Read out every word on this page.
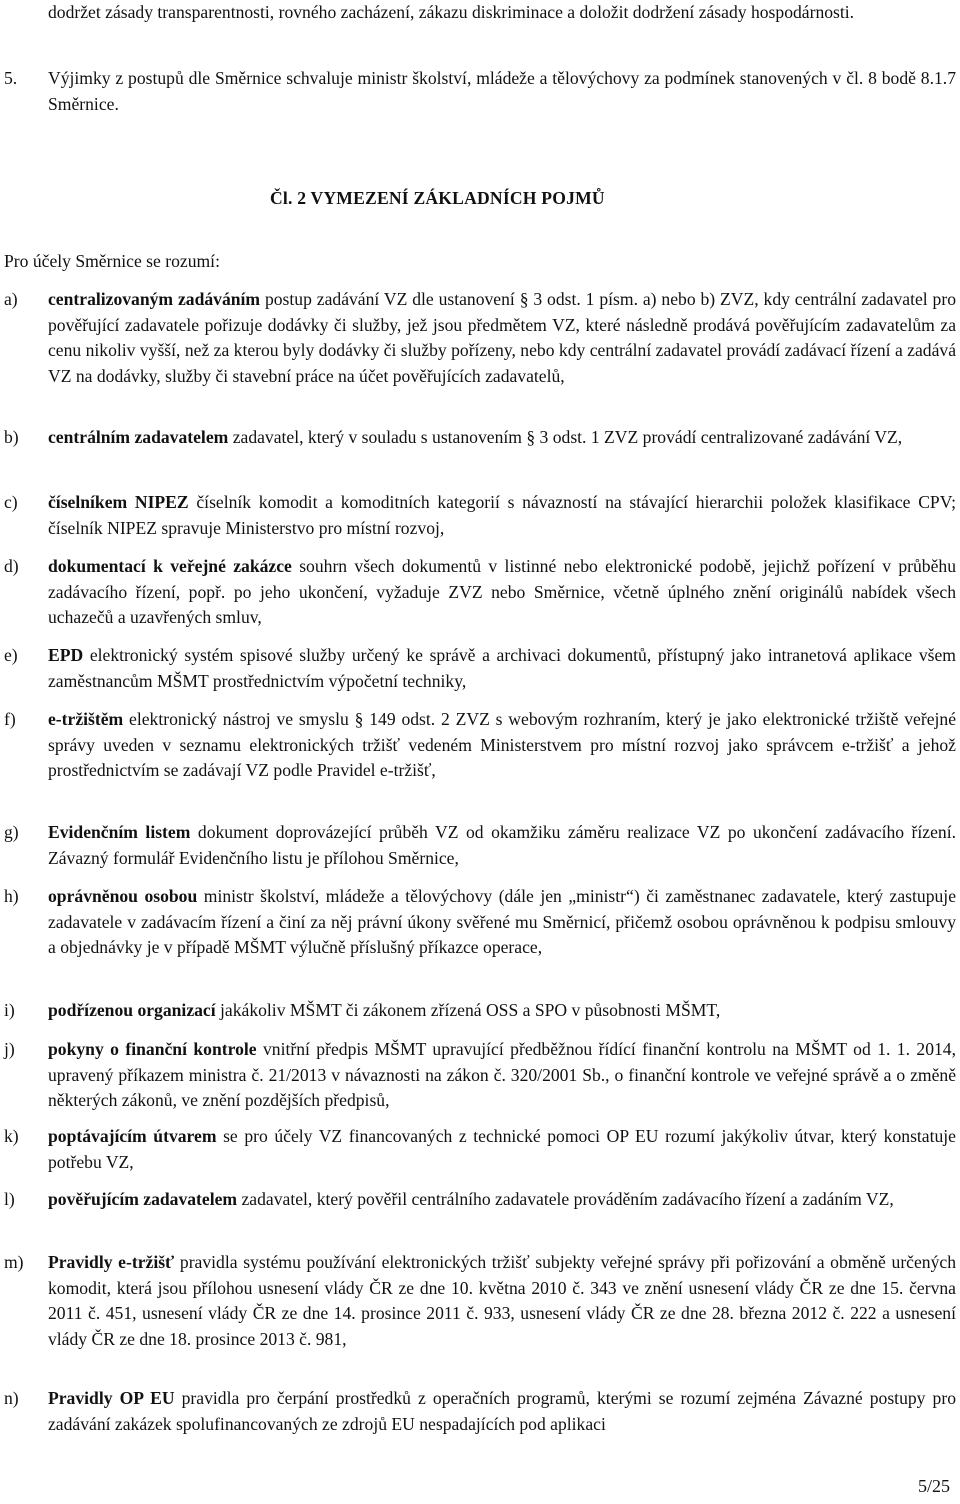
dodržet zásady transparentnosti, rovného zacházení, zákazu diskriminace a doložit dodržení zásady hospodárnosti.
5. Výjimky z postupů dle Směrnice schvaluje ministr školství, mládeže a tělovýchovy za podmínek stanovených v čl. 8 bodě 8.1.7 Směrnice.
Čl. 2 VYMEZENÍ ZÁKLADNÍCH POJMŮ
Pro účely Směrnice se rozumí:
a) centralizovaným zadáváním postup zadávání VZ dle ustanovení § 3 odst. 1 písm. a) nebo b) ZVZ, kdy centrální zadavatel pro pověřující zadavatele pořizuje dodávky či služby, jež jsou předmětem VZ, které následně prodává pověřujícím zadavatelům za cenu nikoliv vyšší, než za kterou byly dodávky či služby pořízeny, nebo kdy centrální zadavatel provádí zadávací řízení a zadává VZ na dodávky, služby či stavební práce na účet pověřujících zadavatelů,
b) centrálním zadavatelem zadavatel, který v souladu s ustanovením § 3 odst. 1 ZVZ provádí centralizované zadávání VZ,
c) číselníkem NIPEZ číselník komodit a komoditních kategorií s návazností na stávající hierarchii položek klasifikace CPV; číselník NIPEZ spravuje Ministerstvo pro místní rozvoj,
d) dokumentací k veřejné zakázce souhrn všech dokumentů v listinné nebo elektronické podobě, jejichž pořízení v průběhu zadávacího řízení, popř. po jeho ukončení, vyžaduje ZVZ nebo Směrnice, včetně úplného znění originálů nabídek všech uchazečů a uzavřených smluv,
e) EPD elektronický systém spisové služby určený ke správě a archivaci dokumentů, přístupný jako intranetová aplikace všem zaměstnancům MŠMT prostřednictvím výpočetní techniky,
f) e-tržištěm elektronický nástroj ve smyslu § 149 odst. 2 ZVZ s webovým rozhraním, který je jako elektronické tržiště veřejné správy uveden v seznamu elektronických tržišť vedeném Ministerstvem pro místní rozvoj jako správcem e-tržišť a jehož prostřednictvím se zadávají VZ podle Pravidel e-tržišť,
g) Evidenčním listem dokument doprovázející průběh VZ od okamžiku záměru realizace VZ po ukončení zadávacího řízení. Závazný formulář Evidenčního listu je přílohou Směrnice,
h) oprávněnou osobou ministr školství, mládeže a tělovýchovy (dále jen „ministr“) či zaměstnanec zadavatele, který zastupuje zadavatele v zadávacím řízení a činí za něj právní úkony svěřené mu Směrnicí, přičemž osobou oprávněnou k podpisu smlouvy a objednávky je v případě MŠMT výlučně příslušný příkazce operace,
i) podřízenou organizací jakákoliv MŠMT či zákonem zřízená OSS a SPO v působnosti MŠMT,
j) pokyny o finanční kontrole vnitřní předpis MŠMT upravující předběžnou řídící finanční kontrolu na MŠMT od 1. 1. 2014, upravený příkazem ministra č. 21/2013 v návaznosti na zákon č. 320/2001 Sb., o finanční kontrole ve veřejné správě a o změně některých zákonů, ve znění pozdějších předpisů,
k) poptávajícím útvarem se pro účely VZ financovaných z technické pomoci OP EU rozumí jakýkoliv útvar, který konstatuje potřebu VZ,
l) pověřujícím zadavatelem zadavatel, který pověřil centrálního zadavatele prováděním zadávacího řízení a zadáním VZ,
m) Pravidly e-tržišť pravidla systému používání elektronických tržišť subjekty veřejné správy při pořizování a obměně určených komodit, která jsou přílohou usnesení vlády ČR ze dne 10. května 2010 č. 343 ve znění usnesení vlády ČR ze dne 15. června 2011 č. 451, usnesení vlády ČR ze dne 14. prosince 2011 č. 933, usnesení vlády ČR ze dne 28. března 2012 č. 222 a usnesení vlády ČR ze dne 18. prosince 2013 č. 981,
n) Pravidly OP EU pravidla pro čerpání prostředků z operačních programů, kterými se rozumí zejména Závazné postupy pro zadávání zakázek spolufinancovaných ze zdrojů EU nespadajících pod aplikaci
5/25
